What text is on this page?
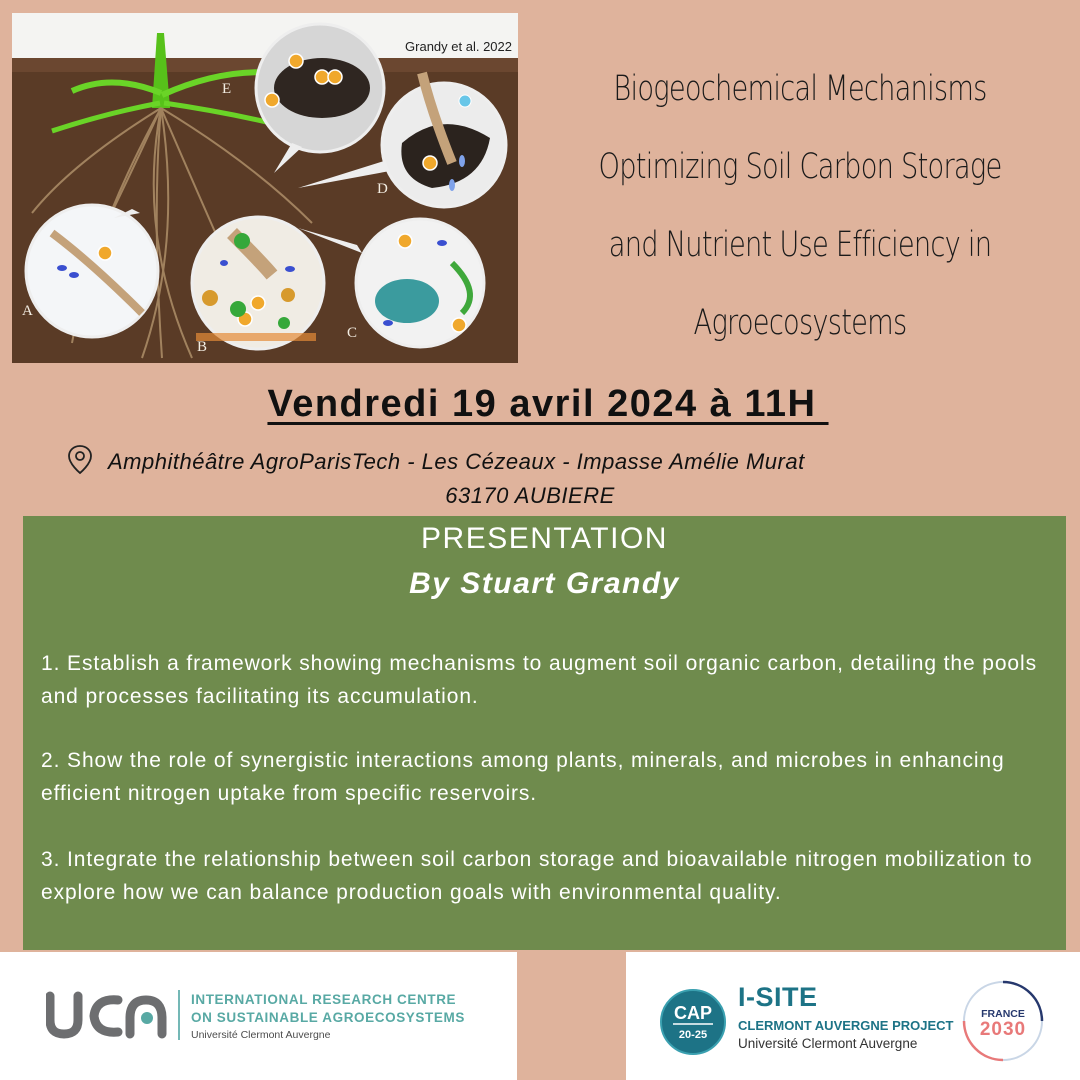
Grandy et al. 2022
A
B
C
D
E	Biogeochemical Mechanisms
Optimizing Soil Carbon Storage
and Nutrient Use Efficiency in
Agroecosystems
Vendredi 19 avril 2024 à 11H
Amphithéâtre AgroParisTech - Les Cézeaux - Impasse Amélie Murat
63170 AUBIERE
PRESENTATION
By Stuart Grandy
1. Establish a framework showing mechanisms to augment soil organic carbon, detailing the pools and processes facilitating its accumulation.
2. Show the role of synergistic interactions among plants, minerals, and microbes in enhancing efficient nitrogen uptake from specific reservoirs.
3. Integrate the relationship between soil carbon storage and bioavailable nitrogen mobilization to explore how we can balance production goals with environmental quality.
INTERNATIONAL RESEARCH CENTRE
ON SUSTAINABLE AGROECOSYSTEMS
Université Clermont Auvergne
CAP
20-25
I-SITE
CLERMONT AUVERGNE PROJECT
Université Clermont Auvergne
FRANCE
2030
